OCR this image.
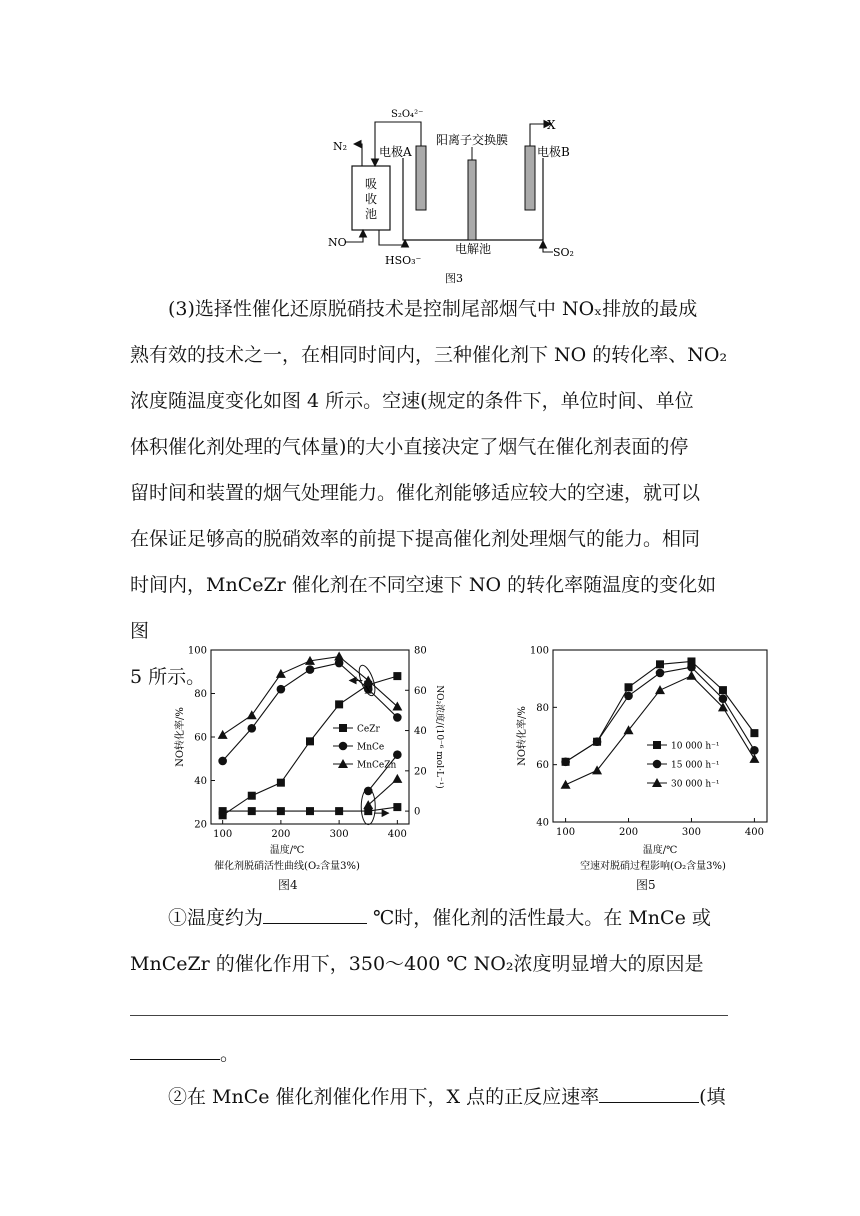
吸
收
池
S₂O₄²⁻
X
阳离子交换膜
N₂	电极A	电极B
NO	电解池
HSO₃⁻
SO₂
图3

(3)选择性催化还原脱硝技术是控制尾部烟气中 NOₓ排放的最成

熟有效的技术之一，在相同时间内，三种催化剂下 NO 的转化率、NO₂

浓度随温度变化如图 4 所示。空速(规定的条件下，单位时间、单位

体积催化剂处理的气体量)的大小直接决定了烟气在催化剂表面的停

留时间和装置的烟气处理能力。催化剂能够适应较大的空速，就可以

在保证足够高的脱硝效率的前提下提高催化剂处理烟气的能力。相同

时间内，MnCeZr 催化剂在不同空速下 NO 的转化率随温度的变化如图

5 所示。

100	200	300	400
20
40
60
80
100
0
20
40
60
80
NO₂浓度/(10⁻⁶ mol·L⁻¹)
NO转化率/%	CeZr
MnCe
MnCeZn
X
温度/℃
催化剂脱硝活性曲线(O₂含量3%)
100	200	300	400
40
60
80
100
NO转化率/%	10 000 h⁻¹
15 000 h⁻¹
30 000 h⁻¹
温度/℃
空速对脱硝过程影响(O₂含量3%)
图4	图5

①温度约为	℃时，催化剂的活性最大。在 MnCe 或

MnCeZr 的催化作用下，350～400 ℃ NO₂浓度明显增大的原因是

。

②在 MnCe 催化剂催化作用下，X 点的正反应速率	(填
